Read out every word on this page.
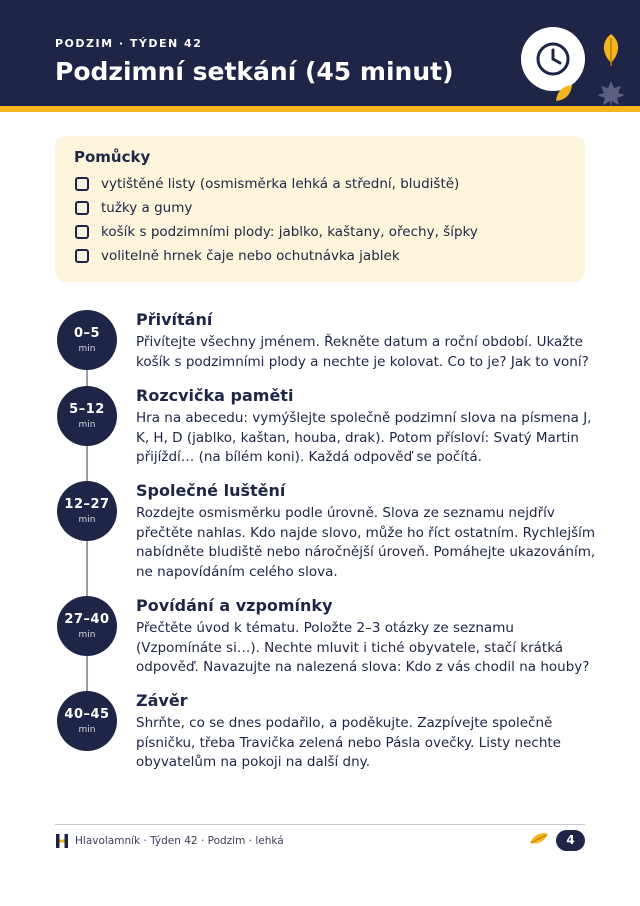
PODZIM · TÝDEN 42
Podzimní setkání (45 minut)
Pomůcky
vytištěné listy (osmisměrka lehká a střední, bludiště)
tužky a gumy
košík s podzimními plody: jablko, kaštany, ořechy, šípky
volitelně hrnek čaje nebo ochutnávka jablek
0–5
min
Přivítání

Přivítejte všechny jménem. Řekněte datum a roční období. Ukažte košík s podzimními plody a nechte je kolovat. Co to je? Jak to voní?

5–12
min
Rozcvička paměti

Hra na abecedu: vymýšlejte společně podzimní slova na písmena J, K, H, D (jablko, kaštan, houba, drak). Potom přísloví: Svatý Martin přijíždí… (na bílém koni). Každá odpověď se počítá.

12–27
min
Společné luštění

Rozdejte osmisměrku podle úrovně. Slova ze seznamu nejdřív přečtěte nahlas. Kdo najde slovo, může ho říct ostatním. Rychlejším nabídněte bludiště nebo náročnější úroveň. Pomáhejte ukazováním, ne napovídáním celého slova.

27–40
min
Povídání a vzpomínky

Přečtěte úvod k tématu. Položte 2–3 otázky ze seznamu (Vzpomínáte si…). Nechte mluvit i tiché obyvatele, stačí krátká odpověď. Navazujte na nalezená slova: Kdo z vás chodil na houby?

40–45
min
Závěr

Shrňte, co se dnes podařilo, a poděkujte. Zazpívejte společně písničku, třeba Travička zelená nebo Pásla ovečky. Listy nechte obyvatelům na pokoji na další dny.

Hlavolamník · Týden 42 · Podzim · lehká	4
